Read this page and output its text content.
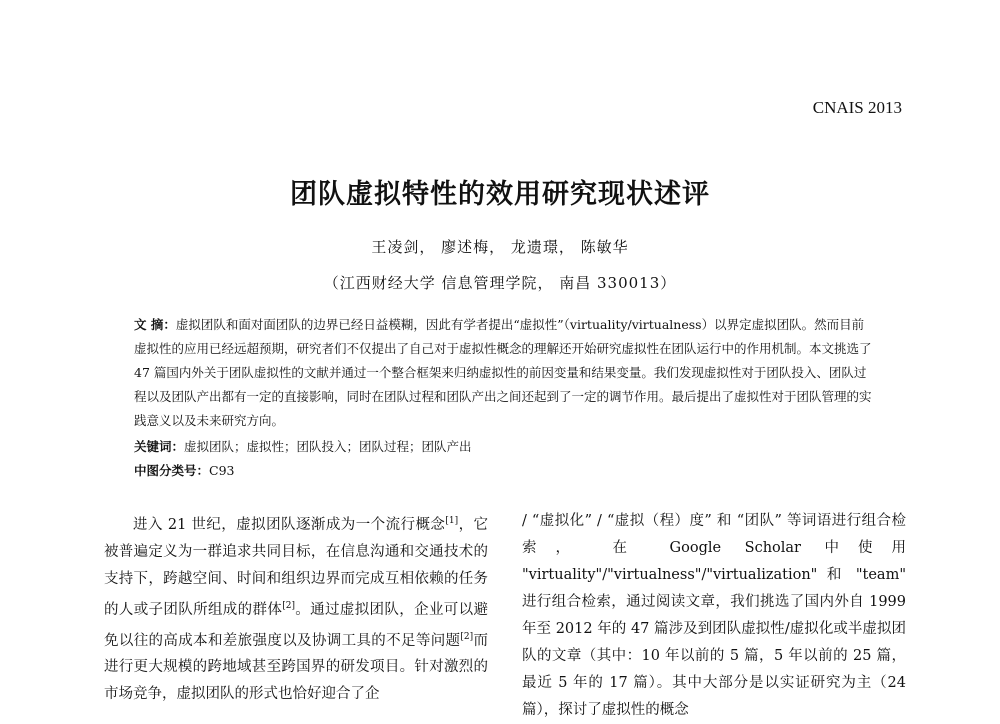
CNAIS 2013
团队虚拟特性的效用研究现状述评
王凌剑， 廖述梅， 龙遗璟， 陈敏华
（江西财经大学 信息管理学院， 南昌 330013）
文 摘：虚拟团队和面对面团队的边界已经日益模糊，因此有学者提出“虚拟性”（virtuality/virtualness）以界定虚拟团队。然而目前虚拟性的应用已经远超预期，研究者们不仅提出了自己对于虚拟性概念的理解还开始研究虚拟性在团队运行中的作用机制。本文挑选了 47 篇国内外关于团队虚拟性的文献并通过一个整合框架来归纳虚拟性的前因变量和结果变量。我们发现虚拟性对于团队投入、团队过程以及团队产出都有一定的直接影响，同时在团队过程和团队产出之间还起到了一定的调节作用。最后提出了虚拟性对于团队管理的实践意义以及未来研究方向。
关键词：虚拟团队；虚拟性；团队投入；团队过程；团队产出
中图分类号：C93
进入 21 世纪，虚拟团队逐渐成为一个流行概念[1]，它被普遍定义为一群追求共同目标，在信息沟通和交通技术的支持下，跨越空间、时间和组织边界而完成互相依赖的任务的人或子团队所组成的群体[2]。通过虚拟团队，企业可以避免以往的高成本和差旅强度以及协调工具的不足等问题[2]而进行更大规模的跨地域甚至跨国界的研发项目。针对激烈的市场竞争，虚拟团队的形式也恰好迎合了企
/ “虚拟化” / “虚拟（程）度” 和 “团队” 等词语进行组合检索， 在 Google Scholar 中使用 "virtuality"/"virtualness"/"virtualization" 和 "team" 进行组合检索，通过阅读文章，我们挑选了国内外自 1999 年至 2012 年的 47 篇涉及到团队虚拟性/虚拟化或半虚拟团队的文章（其中：10 年以前的 5 篇，5 年以前的 25 篇，最近 5 年的 17 篇）。其中大部分是以实证研究为主（24 篇），探讨了虚拟性的概念
